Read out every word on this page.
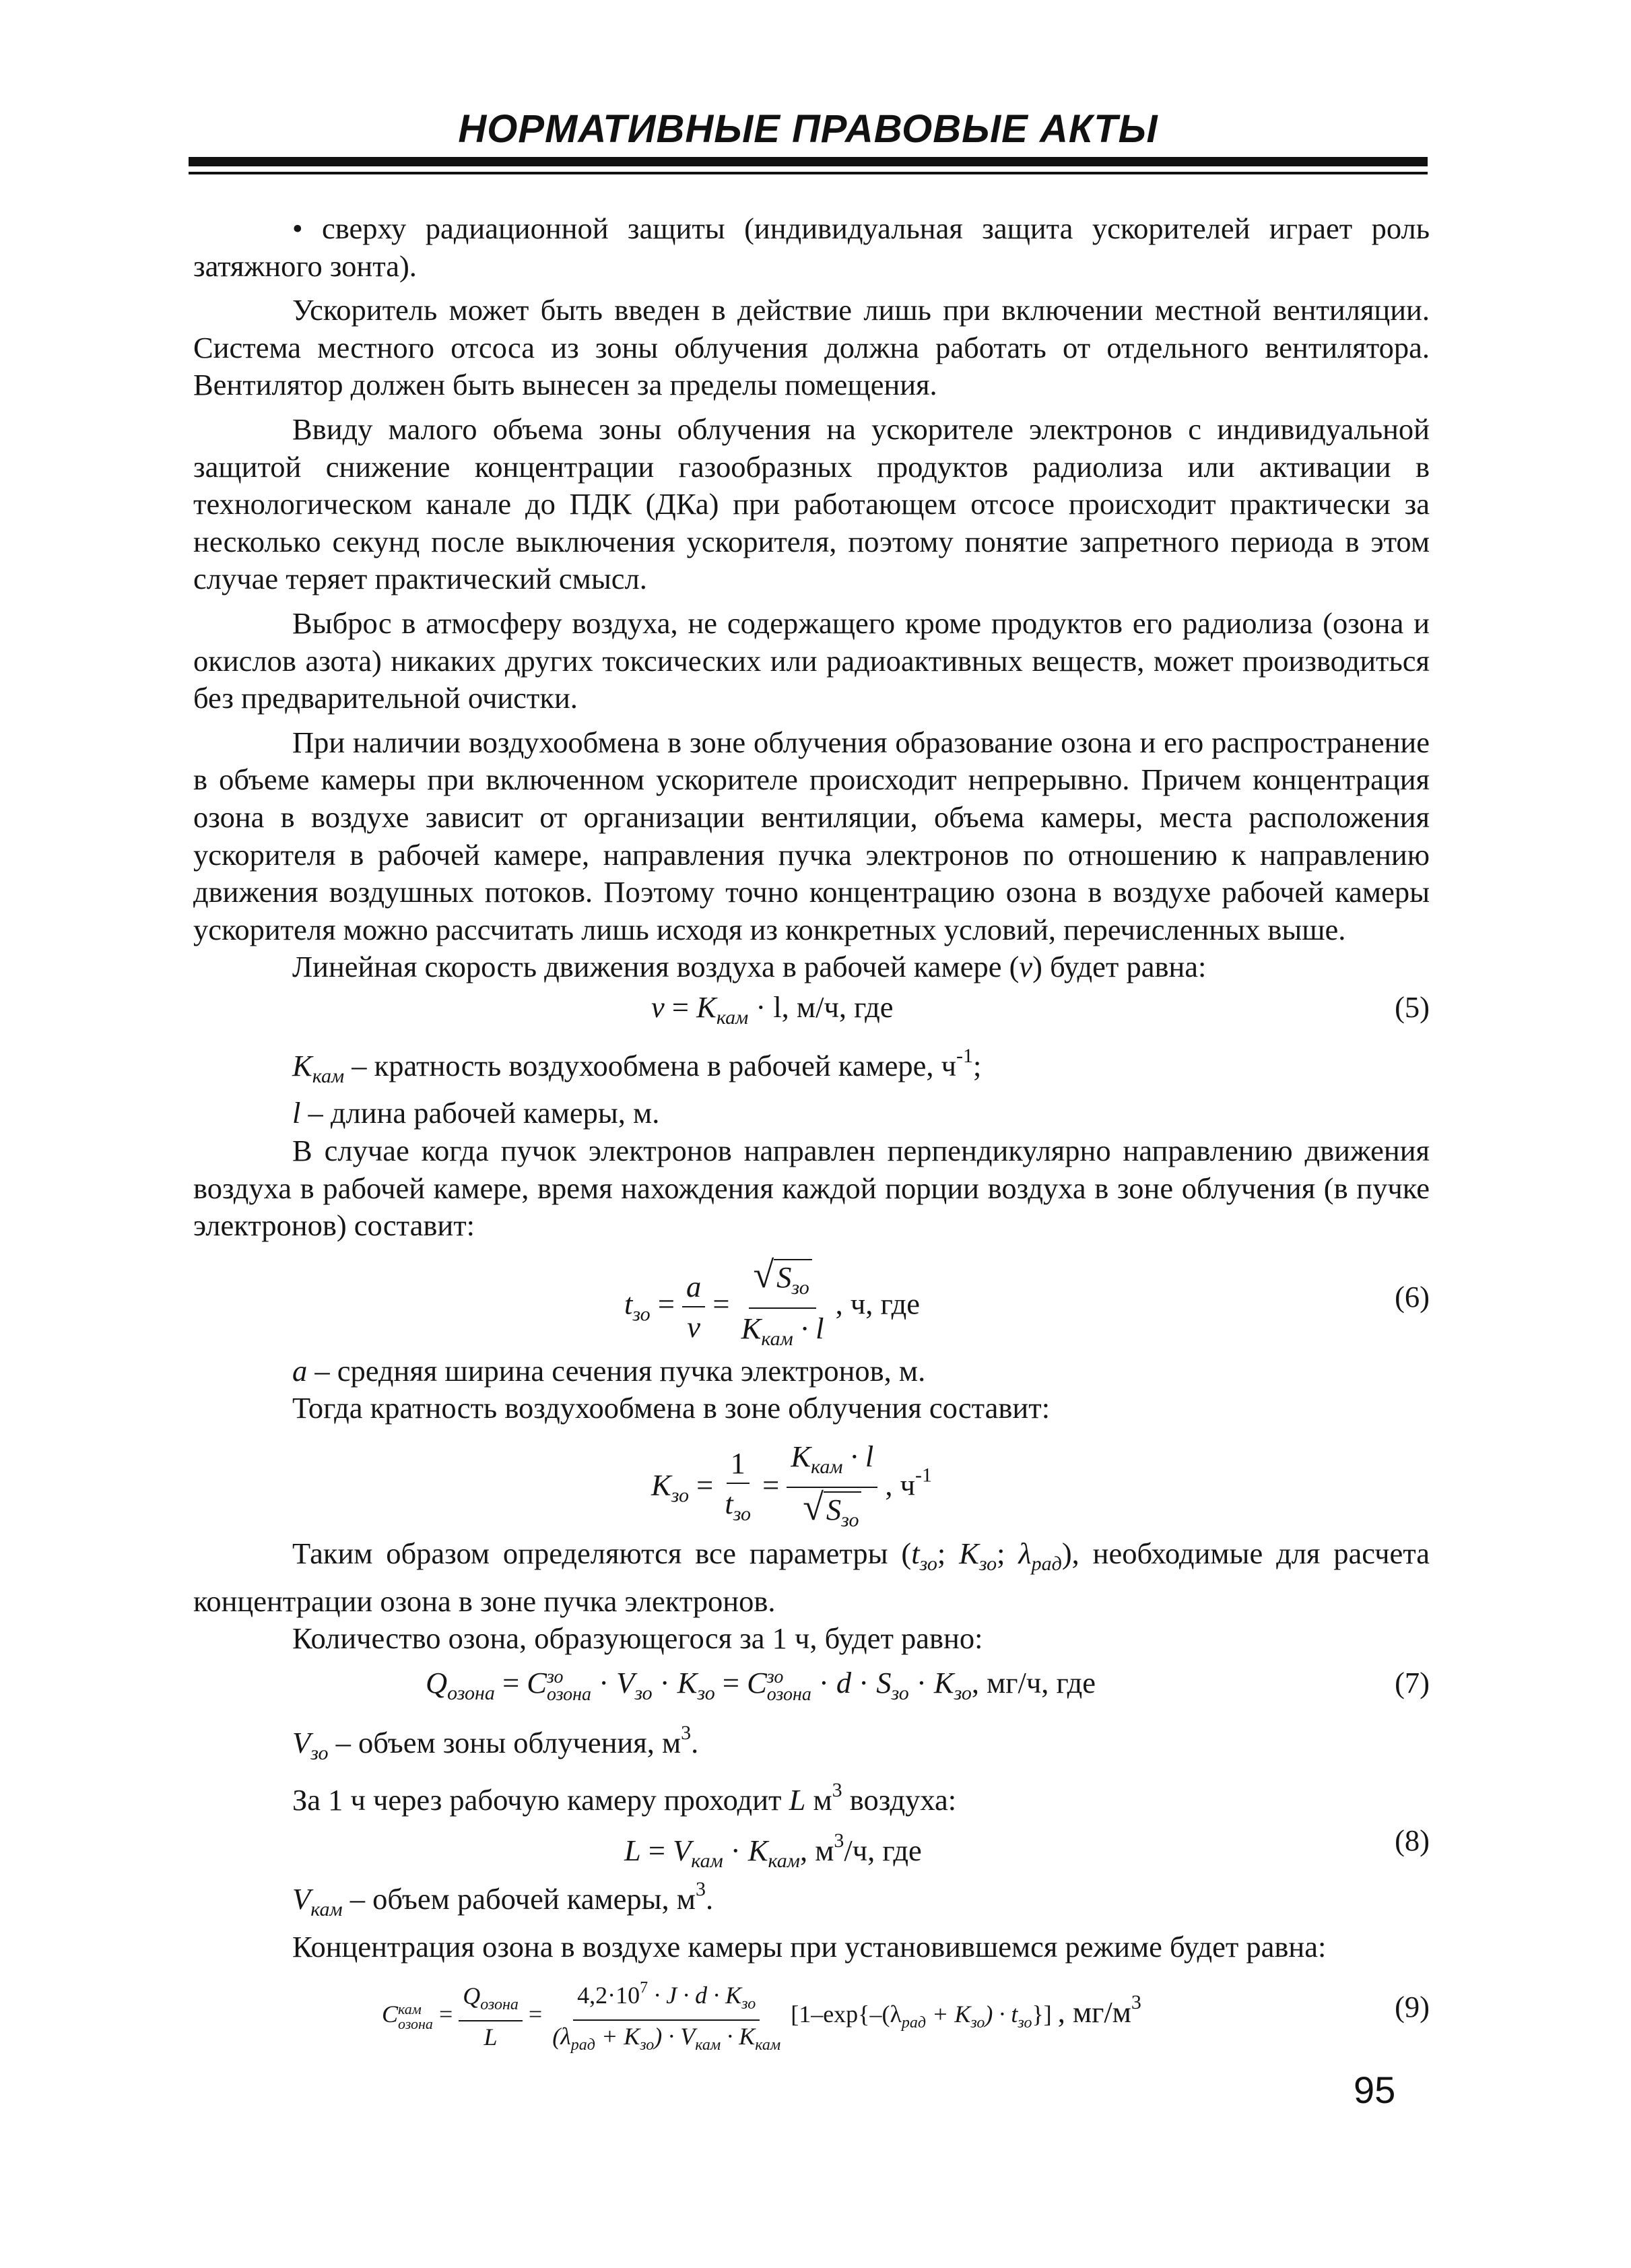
НОРМАТИВНЫЕ ПРАВОВЫЕ АКТЫ

• сверху радиационной защиты (индивидуальная защита ускорителей играет роль затяжного зонта).

Ускоритель может быть введен в действие лишь при включении местной вентиляции. Система местного отсоса из зоны облучения должна работать от отдельного вентилятора. Вентилятор должен быть вынесен за пределы помещения.

Ввиду малого объема зоны облучения на ускорителе электронов с индивидуальной защитой снижение концентрации газообразных продуктов радиолиза или активации в технологическом канале до ПДК (ДКа) при работающем отсосе происходит практически за несколько секунд после выключения ускорителя, поэтому понятие запретного периода в этом случае теряет практический смысл.

Выброс в атмосферу воздуха, не содержащего кроме продуктов его радиолиза (озона и окислов азота) никаких других токсических или радиоактивных веществ, может производиться без предварительной очистки.

При наличии воздухообмена в зоне облучения образование озона и его распространение в объеме камеры при включенном ускорителе происходит непрерывно. Причем концентрация озона в воздухе зависит от организации вентиляции, объема камеры, места расположения ускорителя в рабочей камере, направления пучка электронов по отношению к направлению движения воздушных потоков. Поэтому точно концентрацию озона в воздухе рабочей камеры ускорителя можно рассчитать лишь исходя из конкретных условий, перечисленных выше.

Линейная скорость движения воздуха в рабочей камере (v) будет равна:

$v = K_{кам} \cdot l$, м/ч, где	(5)

$K_{кам}$ – кратность воздухообмена в рабочей камере, $ч^{-1}$;

l – длина рабочей камеры, м.

В случае когда пучок электронов направлен перпендикулярно направлению движения воздуха в рабочей камере, время нахождения каждой порции воздуха в зоне облучения (в пучке электронов) составит:

$t_{зо} = \frac{a}{v} = \frac{√S_{зо}}{K_{кам} \cdot l}$ , ч, где	(6)

a – средняя ширина сечения пучка электронов, м.

Тогда кратность воздухообмена в зоне облучения составит:

$K_{зо} = \frac{1}{t_{зо}} = \frac{K_{кам} \cdot l}{√S_{зо}}$ , $ч^{-1}$

Таким образом определяются все параметры ($t_{зо}$; $K_{зо}$; $\lambda_{рад}$), необходимые для расчета концентрации озона в зоне пучка электронов.

Количество озона, образующегося за 1 ч, будет равно:

$Q_{озона} = C$ зо
озона · $V_{зо} \cdot K_{зо} = C$ зо
озона · $d \cdot S_{зо} \cdot K_{зо}$, мг/ч, где	(7)

$V_{зо}$ – объем зоны облучения, $м^3$.

За 1 ч через рабочую камеру проходит L $м^3$ воздуха:

$L = V_{кам} \cdot K_{кам}$, $м^3/ч$, где	(8)

$V_{кам}$ – объем рабочей камеры, $м^3$.

Концентрация озона в воздухе камеры при установившемся режиме будет равна:

C кам
озона = $\frac{Q_{озона}}{L} = \frac{4,2\cdot 10^7 \cdot J \cdot d \cdot K_{зо}}{(\lambda_{рад} + K_{зо}) \cdot V_{кам} \cdot K_{кам}} [1-\exp\{-(\lambda_{рад} + K_{зо}) \cdot t_{зо}\}]$ , $мг/м^3$	(9)
95
